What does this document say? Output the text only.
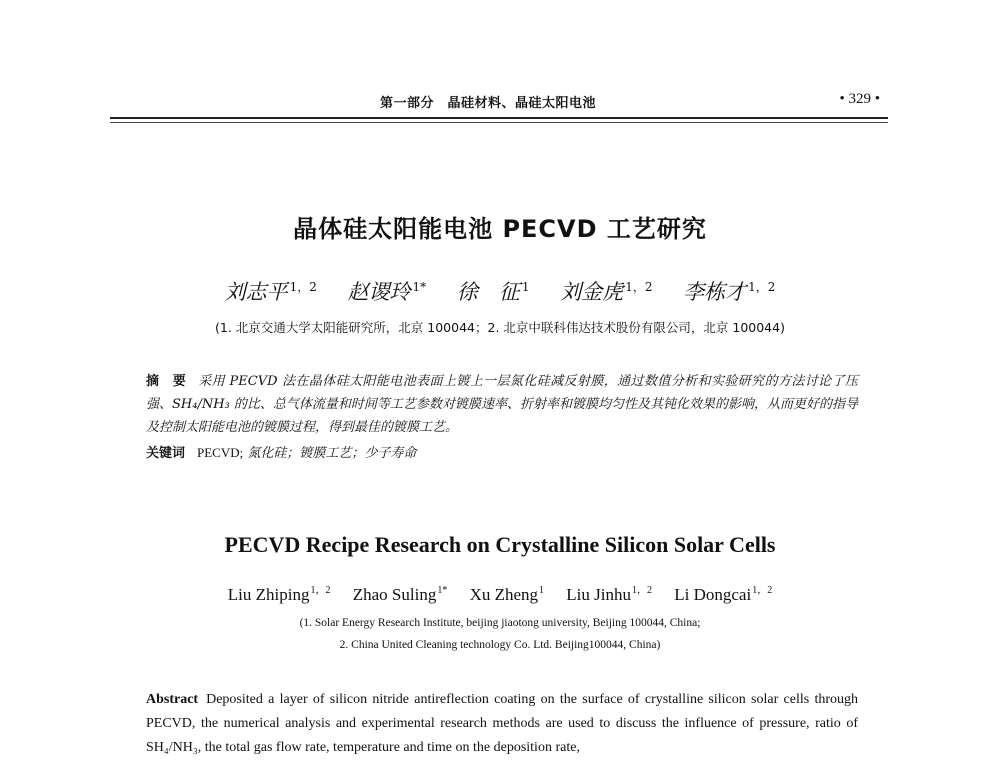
第一部分　晶硅材料、晶硅太阳电池	• 329 •
晶体硅太阳能电池 PECVD 工艺研究
刘志平 $^{1,2}$ 赵谡玲 $^{1*}$ 徐　征 $^1$ 刘金虎 $^{1,2}$ 李栋才 $^{1,2}$
(1. 北京交通大学太阳能研究所，北京 100044；2. 北京中联科伟达技术股份有限公司，北京 100044)
摘　要 采用 PECVD 法在晶体硅太阳能电池表面上镀上一层氮化硅减反射膜，通过数值分析和实验研究的方法讨论了压强、SH₄/NH₃ 的比、总气体流量和时间等工艺参数对镀膜速率、折射率和镀膜均匀性及其钝化效果的影响，从而更好的指导及控制太阳能电池的镀膜过程，得到最佳的镀膜工艺。
关键词 PECVD; 氮化硅；镀膜工艺；少子寿命
PECVD Recipe Research on Crystalline Silicon Solar Cells
Liu Zhiping$^{1,2}$ Zhao Suling$^{1*}$ Xu Zheng$^1$ Liu Jinhu$^{1,2}$ Li Dongcai$^{1,2}$
(1. Solar Energy Research Institute, beijing jiaotong university, Beijing 100044, China;
2. China United Cleaning technology Co. Ltd. Beijing100044, China)
Abstract Deposited a layer of silicon nitride antireflection coating on the surface of crystalline silicon solar cells through PECVD, the numerical analysis and experimental research methods are used to discuss the influence of pressure, ratio of SH₄/NH₃, the total gas flow rate, temperature and time on the deposition rate,
